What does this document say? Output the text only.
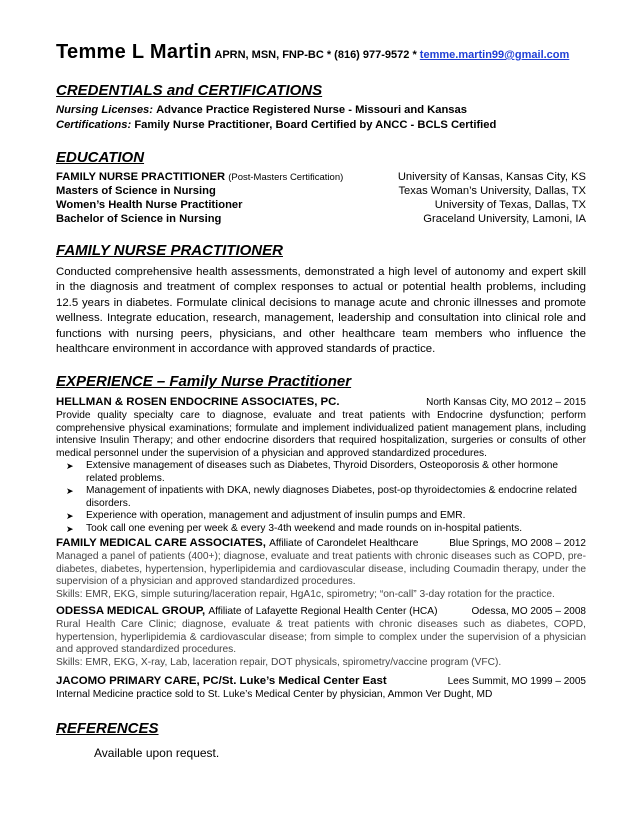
Temme L Martin APRN, MSN, FNP-BC * (816) 977-9572 * temme.martin99@gmail.com
CREDENTIALS and CERTIFICATIONS
Nursing Licenses: Advance Practice Registered Nurse - Missouri and Kansas
Certifications: Family Nurse Practitioner, Board Certified by ANCC - BCLS Certified
EDUCATION
FAMILY NURSE PRACTITIONER (Post-Masters Certification)	University of Kansas, Kansas City, KS
Masters of Science in Nursing	Texas Woman’s University, Dallas, TX
Women’s Health Nurse Practitioner	University of Texas, Dallas, TX
Bachelor of Science in Nursing	Graceland University, Lamoni, IA
FAMILY NURSE PRACTITIONER
Conducted comprehensive health assessments, demonstrated a high level of autonomy and expert skill in the diagnosis and treatment of complex responses to actual or potential health problems, including 12.5 years in diabetes. Formulate clinical decisions to manage acute and chronic illnesses and promote wellness. Integrate education, research, management, leadership and consultation into clinical role and functions with nursing peers, physicians, and other healthcare team members who influence the healthcare environment in accordance with approved standards of practice.
EXPERIENCE – Family Nurse Practitioner
HELLMAN & ROSEN ENDOCRINE ASSOCIATES, PC.	North Kansas City, MO 2012 – 2015
Provide quality specialty care to diagnose, evaluate and treat patients with Endocrine dysfunction; perform comprehensive physical examinations; formulate and implement individualized patient management plans, including intensive Insulin Therapy; and other endocrine disorders that required hospitalization, surgeries or consults of other medical personnel under the supervision of a physician and approved standardized procedures.
➤ Extensive management of diseases such as Diabetes, Thyroid Disorders, Osteoporosis & other hormone related problems.
➤ Management of inpatients with DKA, newly diagnoses Diabetes, post-op thyroidectomies & endocrine related disorders.
➤ Experience with operation, management and adjustment of insulin pumps and EMR.
➤ Took call one evening per week & every 3-4th weekend and made rounds on in-hospital patients.
FAMILY MEDICAL CARE ASSOCIATES, Affiliate of Carondelet Healthcare	Blue Springs, MO 2008 – 2012
Managed a panel of patients (400+); diagnose, evaluate and treat patients with chronic diseases such as COPD, pre-diabetes, diabetes, hypertension, hyperlipidemia and cardiovascular disease, including Coumadin therapy, under the supervision of a physician and approved standardized procedures.
Skills: EMR, EKG, simple suturing/laceration repair, HgA1c, spirometry; “on-call” 3-day rotation for the practice.
ODESSA MEDICAL GROUP, Affiliate of Lafayette Regional Health Center (HCA)	Odessa, MO 2005 – 2008
Rural Health Care Clinic; diagnose, evaluate & treat patients with chronic diseases such as diabetes, COPD, hypertension, hyperlipidemia & cardiovascular disease; from simple to complex under the supervision of a physician and approved standardized procedures.
Skills: EMR, EKG, X-ray, Lab, laceration repair, DOT physicals, spirometry/vaccine program (VFC).
JACOMO PRIMARY CARE, PC/St. Luke’s Medical Center East	Lees Summit, MO 1999 – 2005
Internal Medicine practice sold to St. Luke’s Medical Center by physician, Ammon Ver Dught, MD
REFERENCES
Available upon request.
